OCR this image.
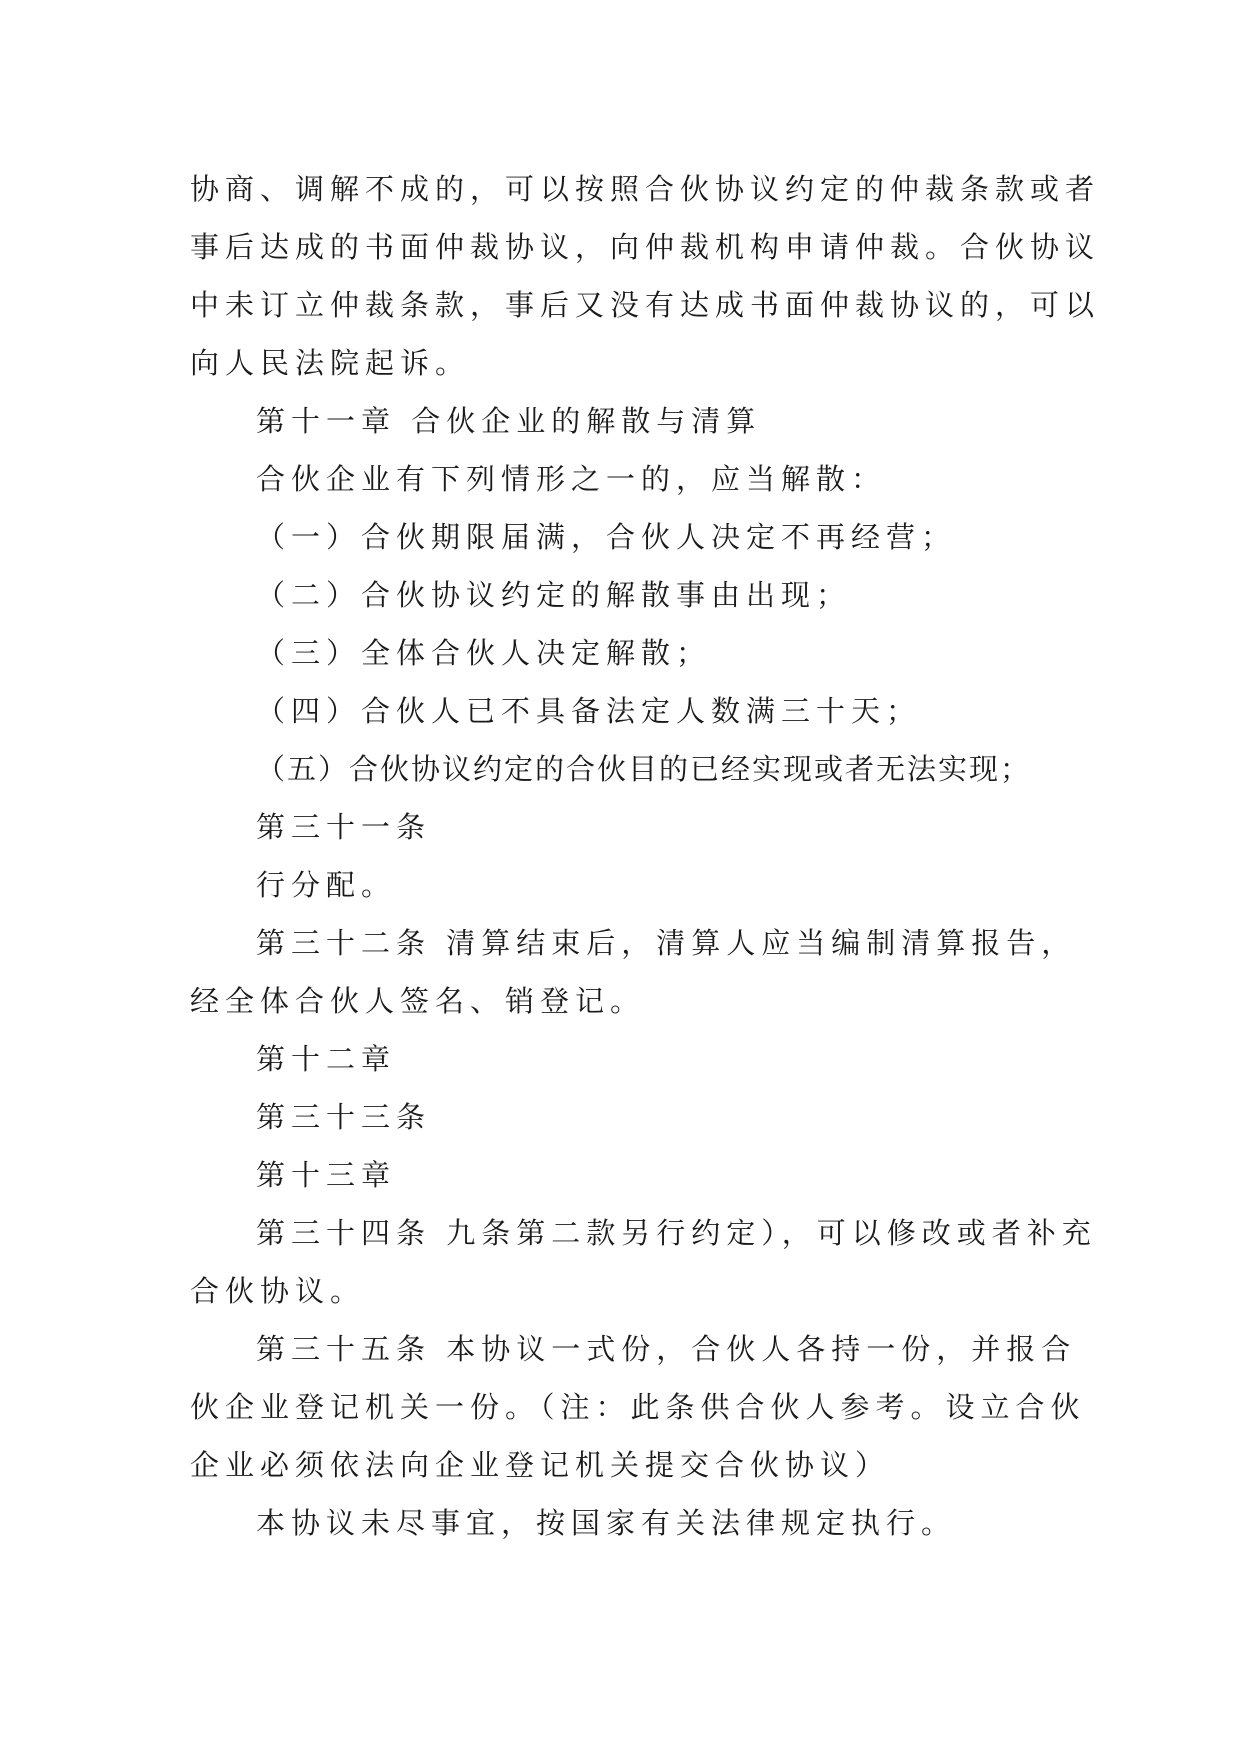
协商、调解不成的，可以按照合伙协议约定的仲裁条款或者
事后达成的书面仲裁协议，向仲裁机构申请仲裁。合伙协议
中未订立仲裁条款，事后又没有达成书面仲裁协议的，可以
向人民法院起诉。
第十一章 合伙企业的解散与清算
合伙企业有下列情形之一的，应当解散：
（一）合伙期限届满，合伙人决定不再经营；
（二）合伙协议约定的解散事由出现；
（三）全体合伙人决定解散；
（四）合伙人已不具备法定人数满三十天；
（五）合伙协议约定的合伙目的已经实现或者无法实现；
第三十一条
行分配。
第三十二条 清算结束后，清算人应当编制清算报告，
经全体合伙人签名、销登记。
第十二章
第三十三条
第十三章
第三十四条 九条第二款另行约定），可以修改或者补充
合伙协议。
第三十五条 本协议一式份，合伙人各持一份，并报合
伙企业登记机关一份。（注：此条供合伙人参考。设立合伙
企业必须依法向企业登记机关提交合伙协议）
本协议未尽事宜，按国家有关法律规定执行。
